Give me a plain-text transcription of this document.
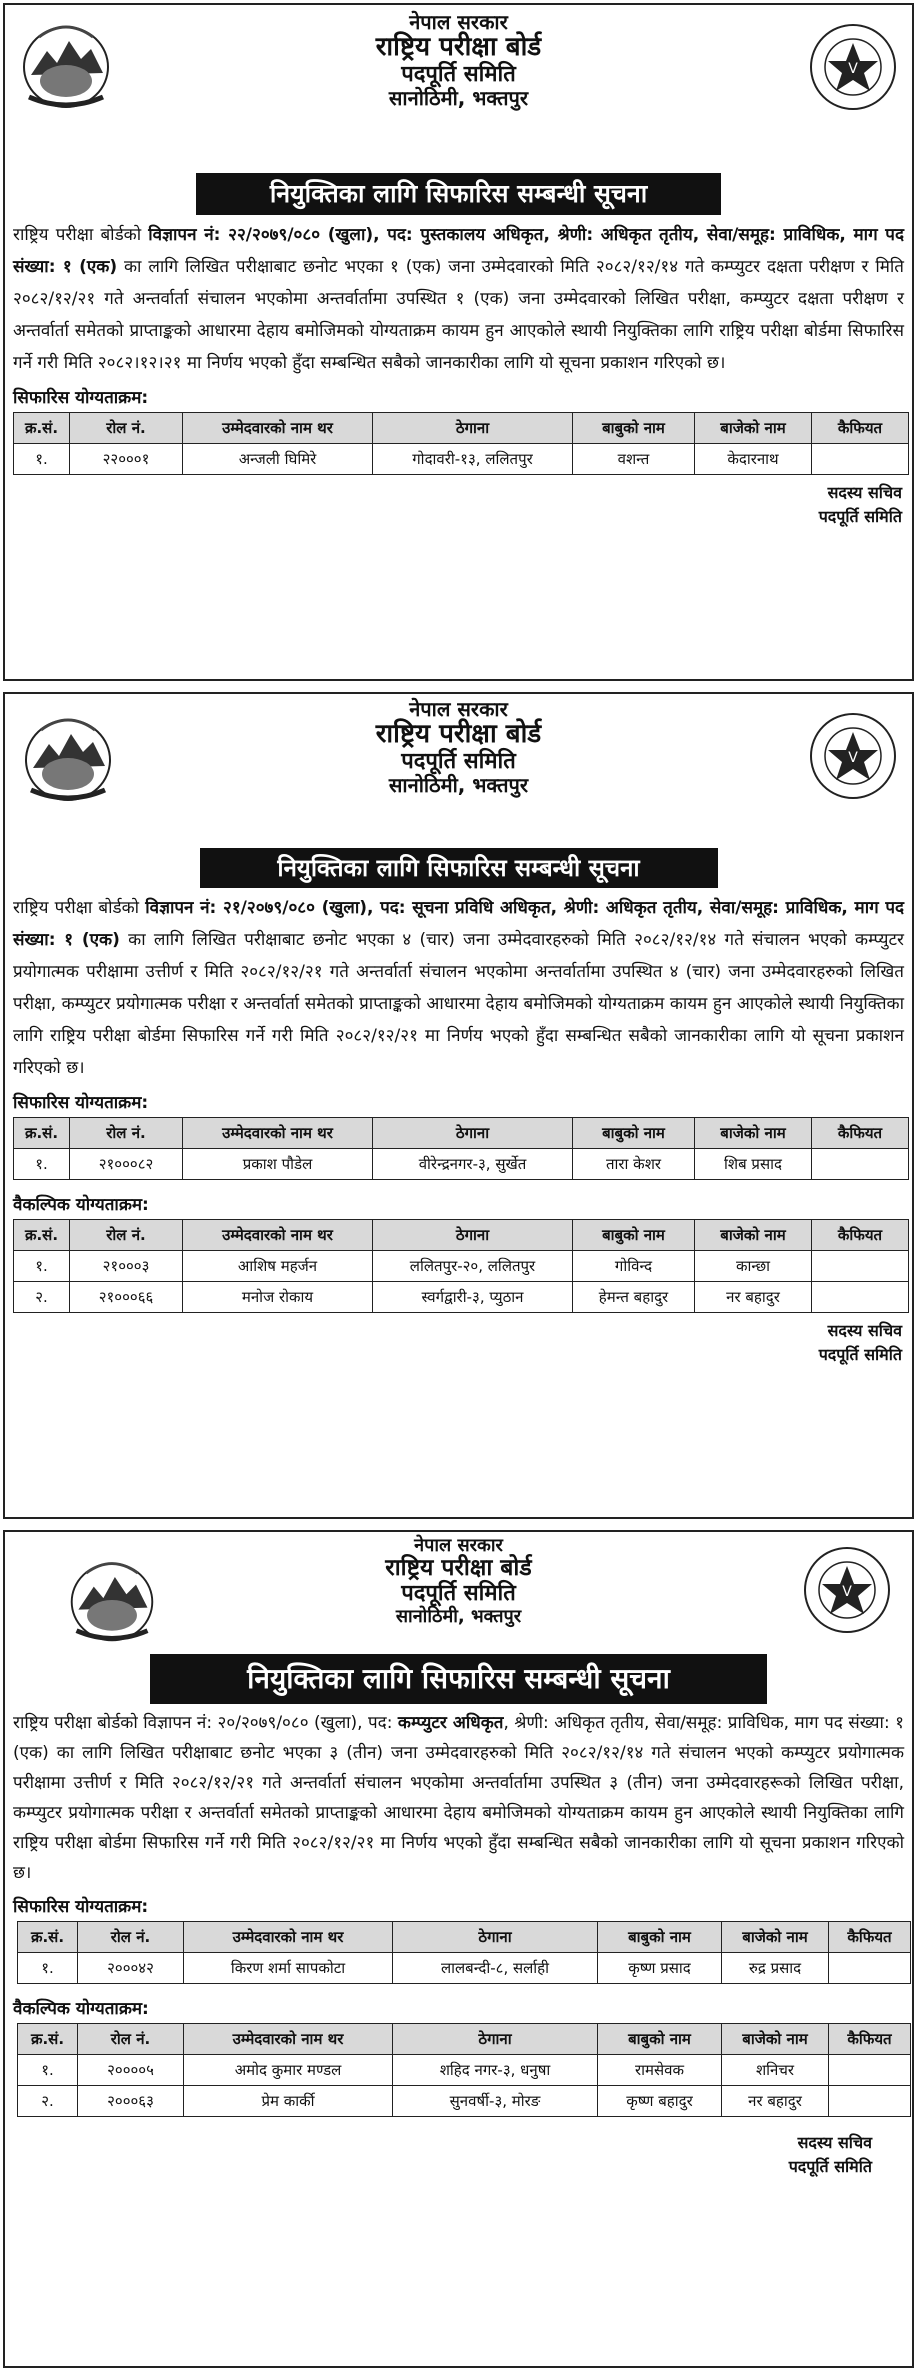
V
नेपाल सरकार
राष्ट्रिय परीक्षा बोर्ड
पदपूर्ति समिति
सानोठिमी, भक्तपुर
नियुक्तिका लागि सिफारिस सम्बन्धी सूचना

राष्ट्रिय परीक्षा बोर्डको विज्ञापन नं: २२/२०७९/०८० (खुला), पद: पुस्तकालय अधिकृत, श्रेणी: अधिकृत तृतीय, सेवा/समूह: प्राविधिक, माग पद संख्या: १ (एक) का लागि लिखित परीक्षाबाट छनोट भएका १ (एक) जना उम्मेदवारको मिति २०८२/१२/१४ गते कम्प्युटर दक्षता परीक्षण र मिति २०८२/१२/२१ गते अन्तर्वार्ता संचालन भएकोमा अन्तर्वार्तामा उपस्थित १ (एक) जना उम्मेदवारको लिखित परीक्षा, कम्प्युटर दक्षता परीक्षण र अन्तर्वार्ता समेतको प्राप्ताङ्कको आधारमा देहाय बमोजिमको योग्यताक्रम कायम हुन आएकोले स्थायी नियुक्तिका लागि राष्ट्रिय परीक्षा बोर्डमा सिफारिस गर्ने गरी मिति २०८२।१२।२१ मा निर्णय भएकोे हुँदा सम्बन्धित सबैको जानकारीका लागि यो सूचना प्रकाशन गरिएको छ।

सिफारिस योग्यताक्रम:
क्र.सं.	रोल नं.	उम्मेदवारको नाम थर	ठेगाना	बाबुको नाम	बाजेको नाम	कैफियत
१.	२२०००१	अन्जली घिमिरे	गोदावरी-१३, ललितपुर	वशन्त	केदारनाथ	
सदस्य सचिव
पदपूर्ति समिति
V
नेपाल सरकार
राष्ट्रिय परीक्षा बोर्ड
पदपूर्ति समिति
सानोठिमी, भक्तपुर
नियुक्तिका लागि सिफारिस सम्बन्धी सूचना

राष्ट्रिय परीक्षा बोर्डको विज्ञापन नं: २१/२०७९/०८० (खुला), पद: सूचना प्रविधि अधिकृत, श्रेणी: अधिकृत तृतीय, सेवा/समूह: प्राविधिक, माग पद संख्या: १ (एक) का लागि लिखित परीक्षाबाट छनोट भएका ४ (चार) जना उम्मेदवारहरुको मिति २०८२/१२/१४ गते संचालन भएको कम्प्युटर प्रयोगात्मक परीक्षामा उत्तीर्ण र मिति २०८२/१२/२१ गते अन्तर्वार्ता संचालन भएकोमा अन्तर्वार्तामा उपस्थित ४ (चार) जना उम्मेदवारहरुको लिखित परीक्षा, कम्प्युटर प्रयोगात्मक परीक्षा र अन्तर्वार्ता समेतको प्राप्ताङ्कको आधारमा देहाय बमोजिमको योग्यताक्रम कायम हुन आएकोले स्थायी नियुक्तिका लागि राष्ट्रिय परीक्षा बोर्डमा सिफारिस गर्ने गरी मिति २०८२/१२/२१ मा निर्णय भएकोे हुँदा सम्बन्धित सबैको जानकारीका लागि यो सूचना प्रकाशन गरिएको छ।

सिफारिस योग्यताक्रम:
क्र.सं.	रोल नं.	उम्मेदवारको नाम थर	ठेगाना	बाबुको नाम	बाजेको नाम	कैफियत
१.	२१०००८२	प्रकाश पौडेल	वीरेन्द्रनगर-३, सुर्खेत	तारा केशर	शिब प्रसाद	
वैकल्पिक योग्यताक्रम:
क्र.सं.	रोल नं.	उम्मेदवारको नाम थर	ठेगाना	बाबुको नाम	बाजेको नाम	कैफियत
१.	२१०००३	आशिष महर्जन	ललितपुर-२०, ललितपुर	गोविन्द	कान्छा	
२.	२१०००६६	मनोज रोकाय	स्वर्गद्वारी-३, प्युठान	हेमन्त बहादुर	नर बहादुर	
सदस्य सचिव
पदपूर्ति समिति
V
नेपाल सरकार
राष्ट्रिय परीक्षा बोर्ड
पदपूर्ति समिति
सानोठिमी, भक्तपुर
नियुक्तिका लागि सिफारिस सम्बन्धी सूचना

राष्ट्रिय परीक्षा बोर्डको विज्ञापन नं: २०/२०७९/०८० (खुला), पद: कम्प्युटर अधिकृत, श्रेणी: अधिकृत तृतीय, सेवा/समूह: प्राविधिक, माग पद संख्या: १ (एक) का लागि लिखित परीक्षाबाट छनोट भएका ३ (तीन) जना उम्मेदवारहरुको मिति २०८२/१२/१४ गते संचालन भएको कम्प्युटर प्रयोगात्मक परीक्षामा उत्तीर्ण र मिति २०८२/१२/२१ गते अन्तर्वार्ता संचालन भएकोमा अन्तर्वार्तामा उपस्थित ३ (तीन) जना उम्मेदवारहरूको लिखित परीक्षा, कम्प्युटर प्रयोगात्मक परीक्षा र अन्तर्वार्ता समेतको प्राप्ताङ्कको आधारमा देहाय बमोजिमको योग्यताक्रम कायम हुन आएकोले स्थायी नियुक्तिका लागि राष्ट्रिय परीक्षा बोर्डमा सिफारिस गर्ने गरी मिति २०८२/१२/२१ मा निर्णय भएकोे हुँदा सम्बन्धित सबैको जानकारीका लागि यो सूचना प्रकाशन गरिएको छ।

सिफारिस योग्यताक्रम:
क्र.सं.	रोल नं.	उम्मेदवारको नाम थर	ठेगाना	बाबुको नाम	बाजेको नाम	कैफियत
१.	२०००४२	किरण शर्मा सापकोटा	लालबन्दी-८, सर्लाही	कृष्ण प्रसाद	रुद्र प्रसाद	
वैकल्पिक योग्यताक्रम:
क्र.सं.	रोल नं.	उम्मेदवारको नाम थर	ठेगाना	बाबुको नाम	बाजेको नाम	कैफियत
१.	२००००५	अमोद कुमार मण्डल	शहिद नगर-३, धनुषा	रामसेवक	शनिचर	
२.	२०००६३	प्रेम कार्की	सुनवर्षी-३, मोरङ	कृष्ण बहादुर	नर बहादुर	
सदस्य सचिव
पदपूर्ति समिति
